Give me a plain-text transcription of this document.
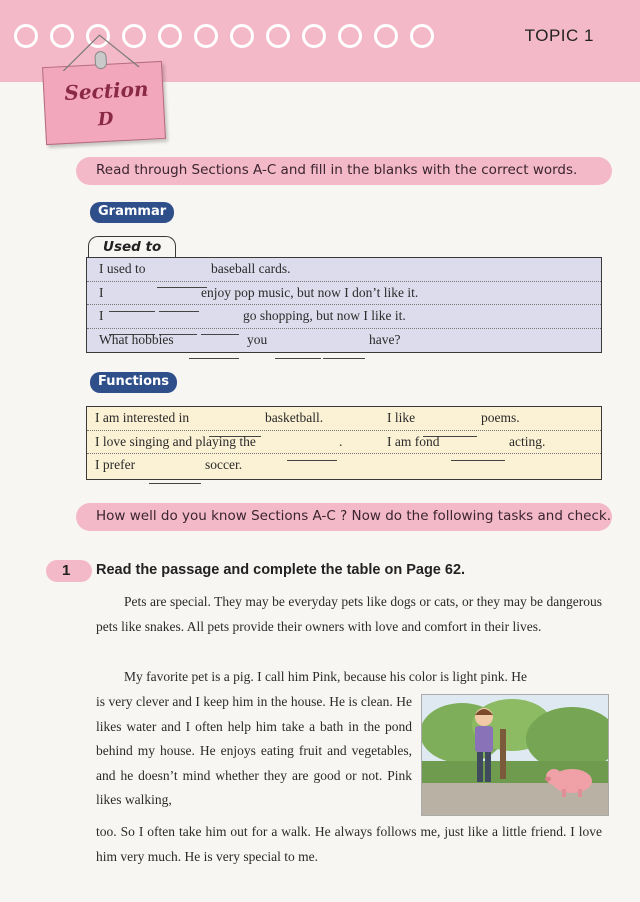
TOPIC 1
Section
D
Read through Sections A-C and fill in the blanks with the correct words.
Grammar
Used to
I used to	baseball cards.
I	enjoy pop music, but now I don’t like it.
I	go shopping, but now I like it.
What hobbies	you	have?
Functions
I am interested in	basketball.	I like	poems.
I love singing and playing the	.	I am fond	acting.
I prefer	soccer.
How well do you know Sections A-C ? Now do the following tasks and check.
1	Read the passage and complete the table on Page 62.
Pets are special. They may be everyday pets like dogs or cats, or they may be dangerous pets like snakes. All pets provide their owners with love and comfort in their lives.
My favorite pet is a pig. I call him Pink, because his color is light pink. He
is very clever and I keep him in the house. He is clean. He likes water and I often help him take a bath in the pond behind my house. He enjoys eating fruit and vegetables, and he doesn’t mind whether they are good or not. Pink likes walking,
too. So I often take him out for a walk. He always follows me, just like a little friend. I love him very much. He is very special to me.
